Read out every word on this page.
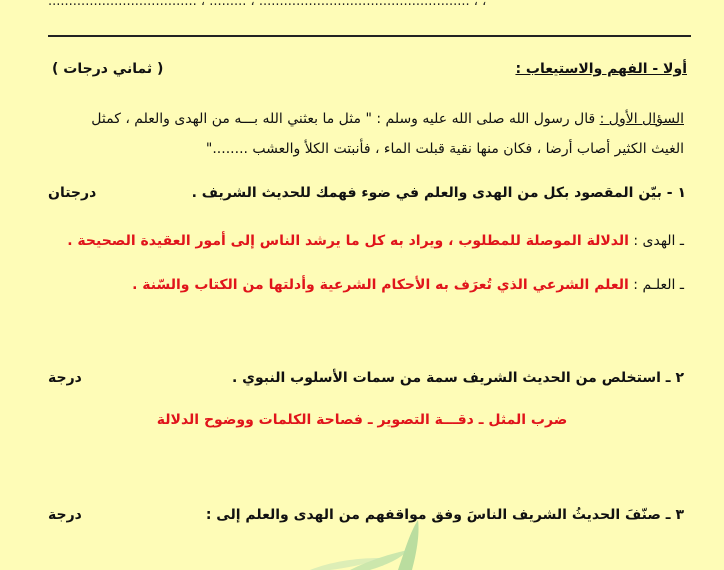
.................................... ، ......... ، ................................................... ، ،
أولا - الفهم والاستيعاب :
( ثماني درجات )
السؤال الأول : قال رسول الله صلى الله عليه وسلم : " مثل ما بعثني الله بـــه من الهدى والعلم ، كمثل
الغيث الكثير أصاب أرضا ، فكان منها نقية قبلت الماء ، فأنبتت الكلأ والعشب ........"
١ - بيّن المقصود بكل من الهدى والعلم في ضوء فهمك للحديث الشريف .
درجتان
ـ الهدى : الدلالة الموصلة للمطلوب ، ويراد به كل ما يرشد الناس إلى أمور العقيدة الصحيحة .
ـ العلـم : العلم الشرعي الذي تُعرَف به الأحكام الشرعية وأدلتها من الكتاب والسّنة .
٢ ـ استخلص من الحديث الشريف سمة من سمات الأسلوب النبوي .
درجة
ضرب المثل ـ دقـــة التصوير ـ فصاحة الكلمات ووضوح الدلالة
٣ ـ صنّفَ الحديثُ الشريف الناسَ وفق مواقفهم من الهدى والعلم إلى :
درجة
